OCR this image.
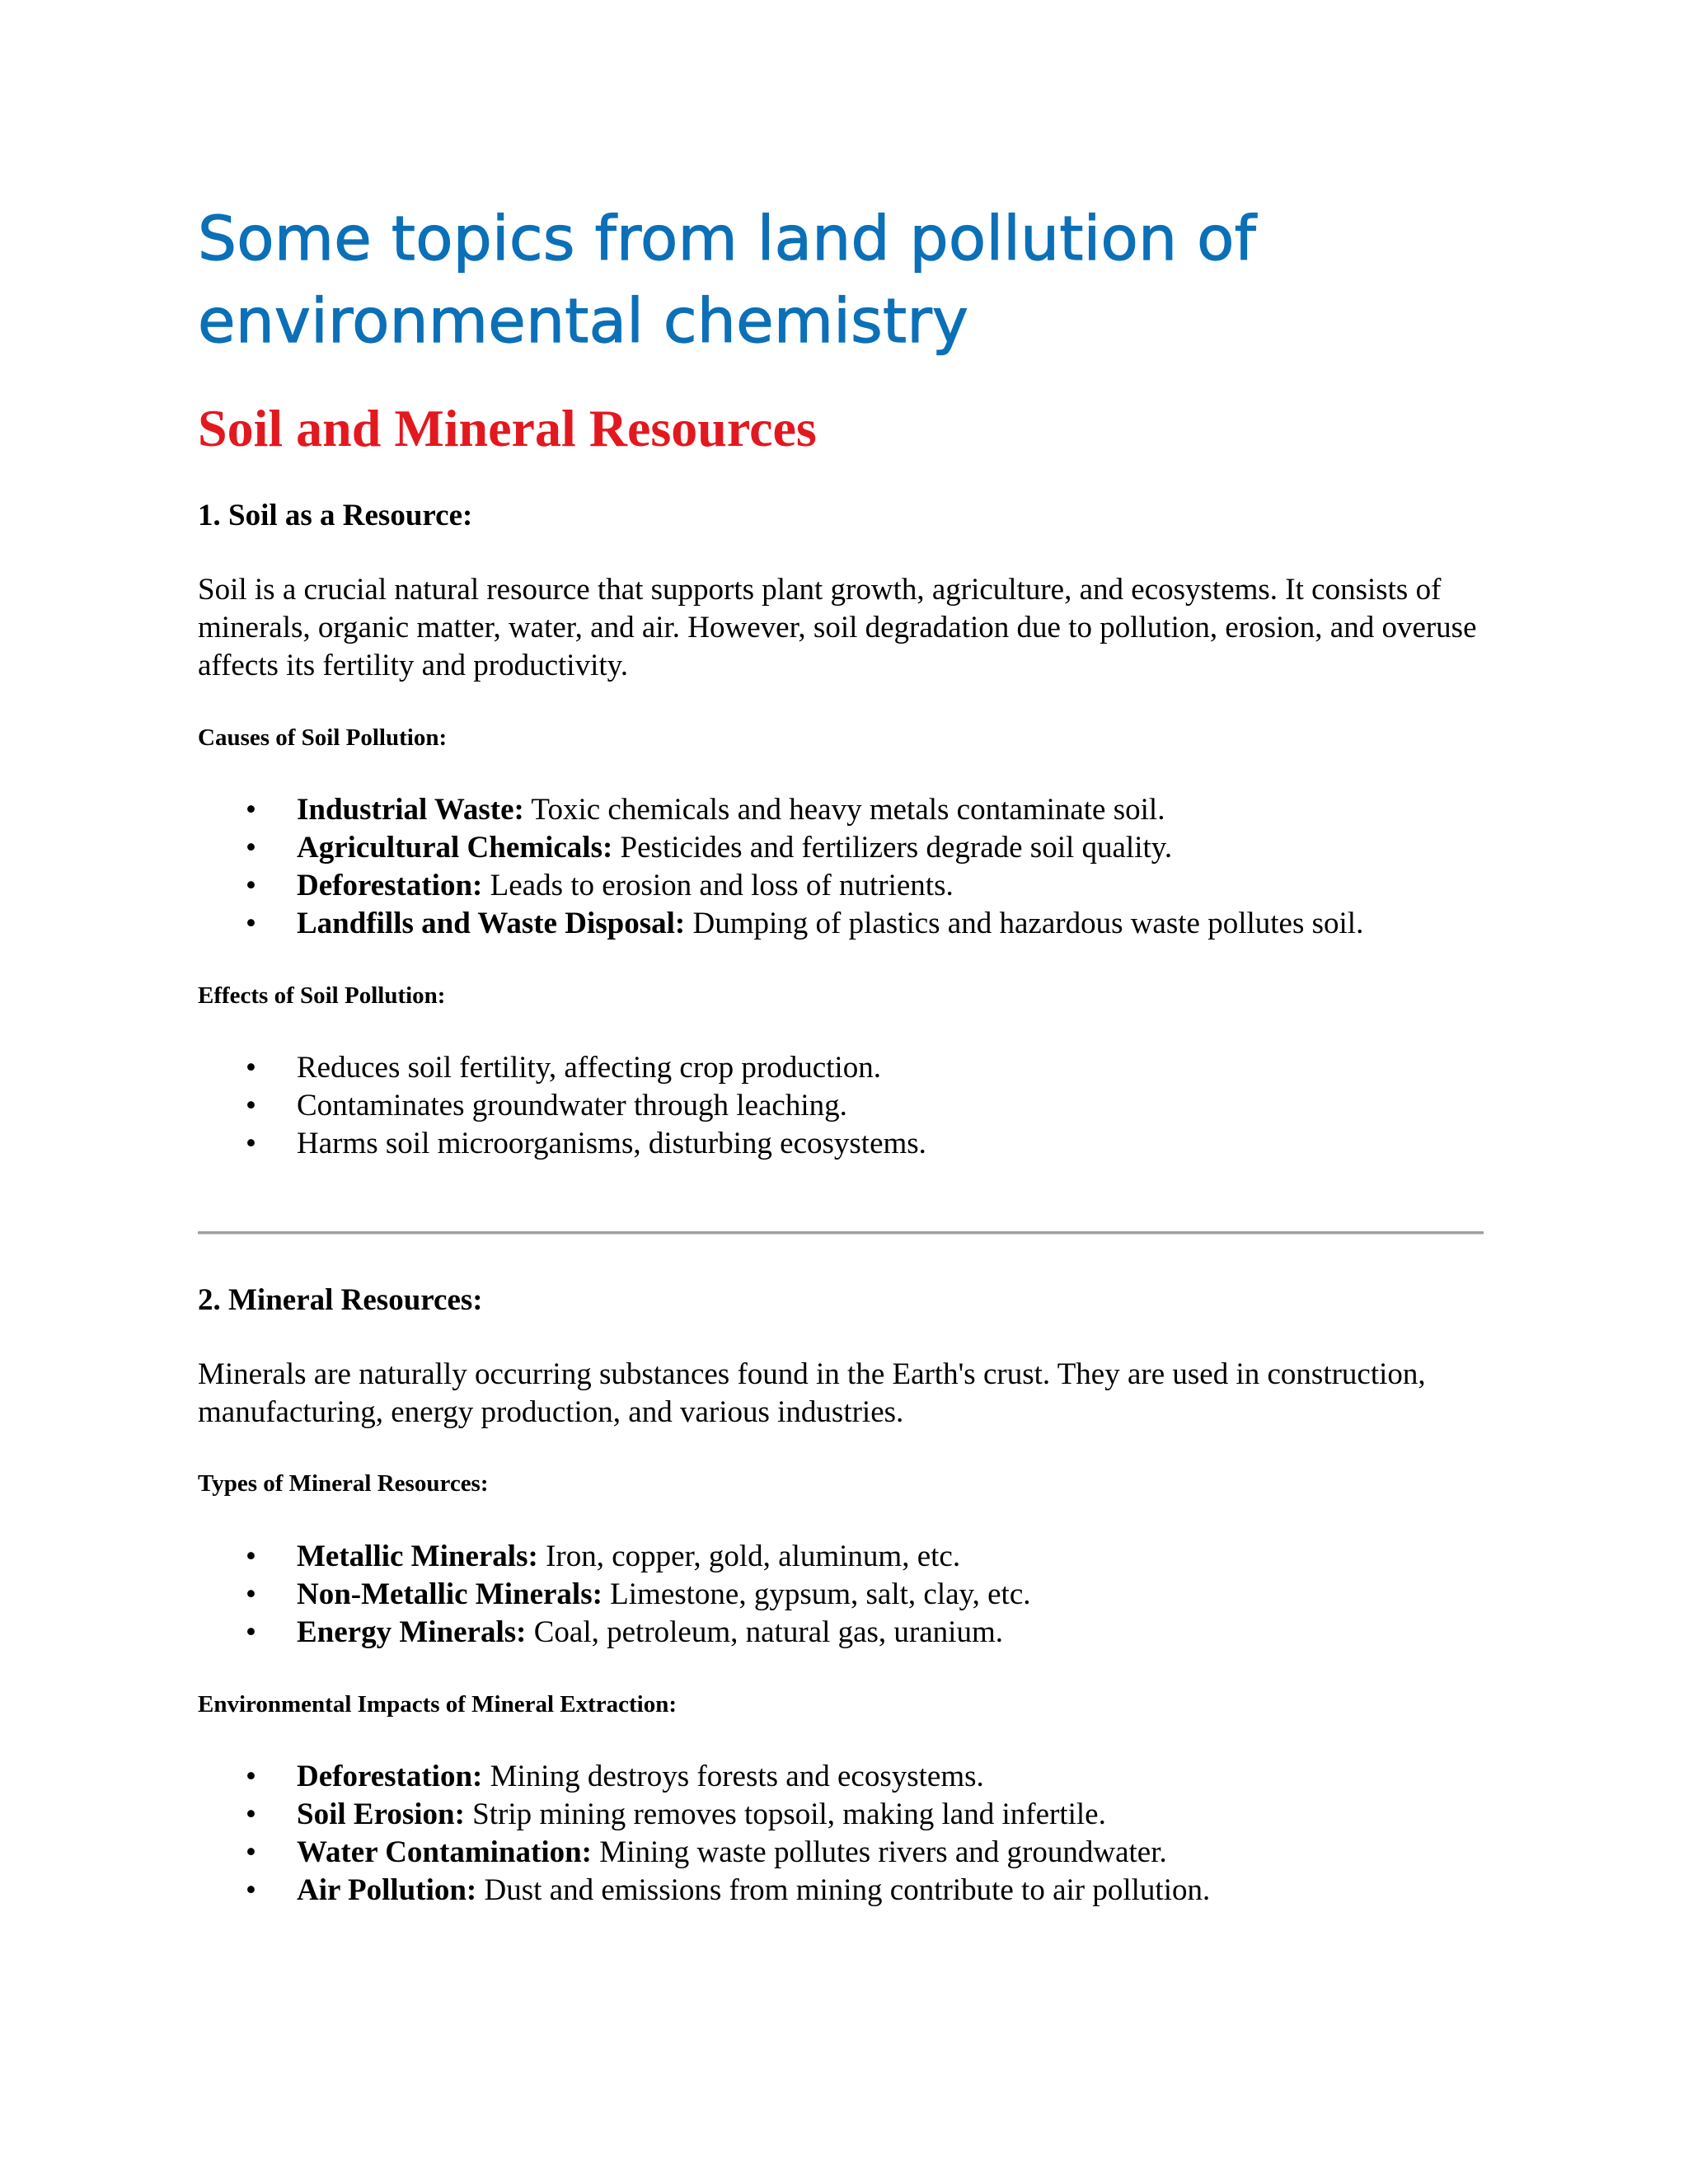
Some topics from land pollution of environmental chemistry
Soil and Mineral Resources
1. Soil as a Resource:

Soil is a crucial natural resource that supports plant growth, agriculture, and ecosystems. It consists of minerals, organic matter, water, and air. However, soil degradation due to pollution, erosion, and overuse affects its fertility and productivity.

Causes of Soil Pollution:
• Industrial Waste: Toxic chemicals and heavy metals contaminate soil.
• Agricultural Chemicals: Pesticides and fertilizers degrade soil quality.
• Deforestation: Leads to erosion and loss of nutrients.
• Landfills and Waste Disposal: Dumping of plastics and hazardous waste pollutes soil.
Effects of Soil Pollution:
• Reduces soil fertility, affecting crop production.
• Contaminates groundwater through leaching.
• Harms soil microorganisms, disturbing ecosystems.
2. Mineral Resources:

Minerals are naturally occurring substances found in the Earth's crust. They are used in construction, manufacturing, energy production, and various industries.

Types of Mineral Resources:
• Metallic Minerals: Iron, copper, gold, aluminum, etc.
• Non-Metallic Minerals: Limestone, gypsum, salt, clay, etc.
• Energy Minerals: Coal, petroleum, natural gas, uranium.
Environmental Impacts of Mineral Extraction:
• Deforestation: Mining destroys forests and ecosystems.
• Soil Erosion: Strip mining removes topsoil, making land infertile.
• Water Contamination: Mining waste pollutes rivers and groundwater.
• Air Pollution: Dust and emissions from mining contribute to air pollution.
